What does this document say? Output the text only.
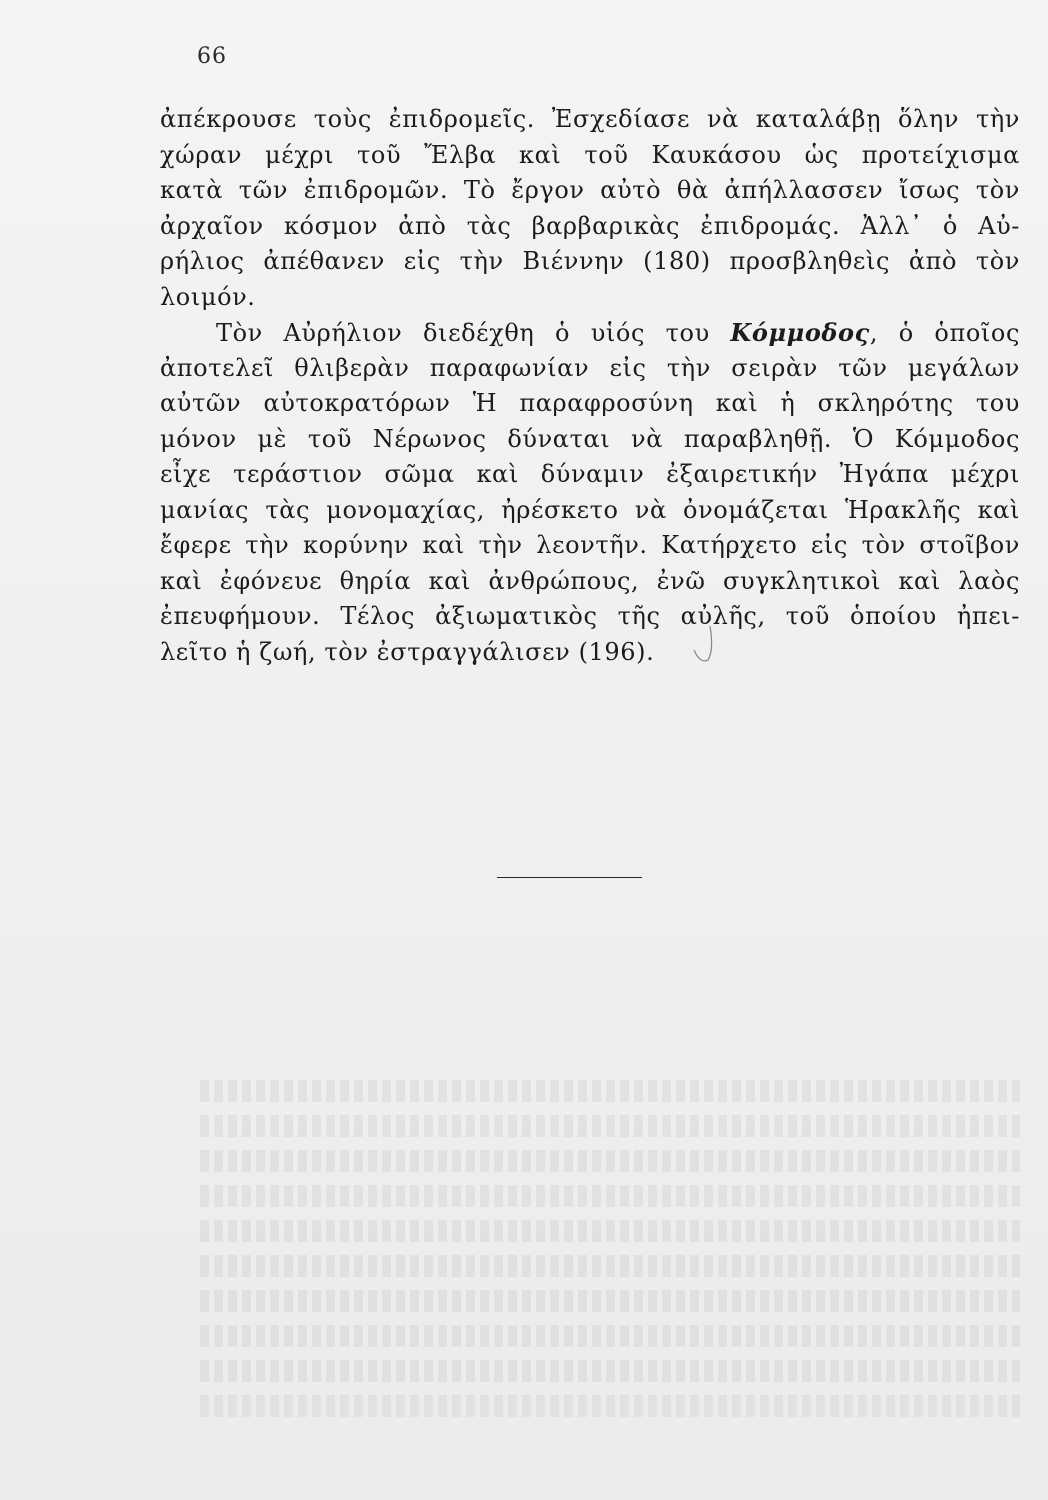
66
ἀπέκρουσε τοὺς ἐπιδρομεῖς. Ἐσχεδίασε νὰ καταλάβῃ ὅλην τὴν
χώραν μέχρι τοῦ Ἔλβα καὶ τοῦ Καυκάσου ὡς προτείχισμα
κατὰ τῶν ἐπιδρομῶν. Τὸ ἔργον αὐτὸ θὰ ἀπήλλασσεν ἴσως τὸν
ἀρχαῖον κόσμον ἀπὸ τὰς βαρβαρικὰς ἐπιδρομάς. Ἀλλ᾽ ὁ Αὐ-
ρήλιος ἀπέθανεν εἰς τὴν Βιέννην (180) προσβληθεὶς ἀπὸ τὸν
λοιμόν.
Τὸν Αὐρήλιον διεδέχθη ὁ υἱός του Κόμμοδος, ὁ ὁποῖος
ἀποτελεῖ θλιβερὰν παραφωνίαν εἰς τὴν σειρὰν τῶν μεγάλων
αὐτῶν αὐτοκρατόρων Ἡ παραφροσύνη καὶ ἡ σκληρότης του
μόνον μὲ τοῦ Νέρωνος δύναται νὰ παραβληθῇ. Ὁ Κόμμοδος
εἶχε τεράστιον σῶμα καὶ δύναμιν ἐξαιρετικήν Ἠγάπα μέχρι
μανίας τὰς μονομαχίας, ἠρέσκετο νὰ ὀνομάζεται Ἡρακλῆς καὶ
ἔφερε τὴν κορύνην καὶ τὴν λεοντῆν. Κατήρχετο εἰς τὸν στοῖβον
καὶ ἐφόνευε θηρία καὶ ἀνθρώπους, ἐνῶ συγκλητικοὶ καὶ λαὸς
ἐπευφήμουν. Τέλος ἀξιωματικὸς τῆς αὐλῆς, τοῦ ὁποίου ἠπει-
λεῖτο ἡ ζωή, τὸν ἐστραγγάλισεν (196).
